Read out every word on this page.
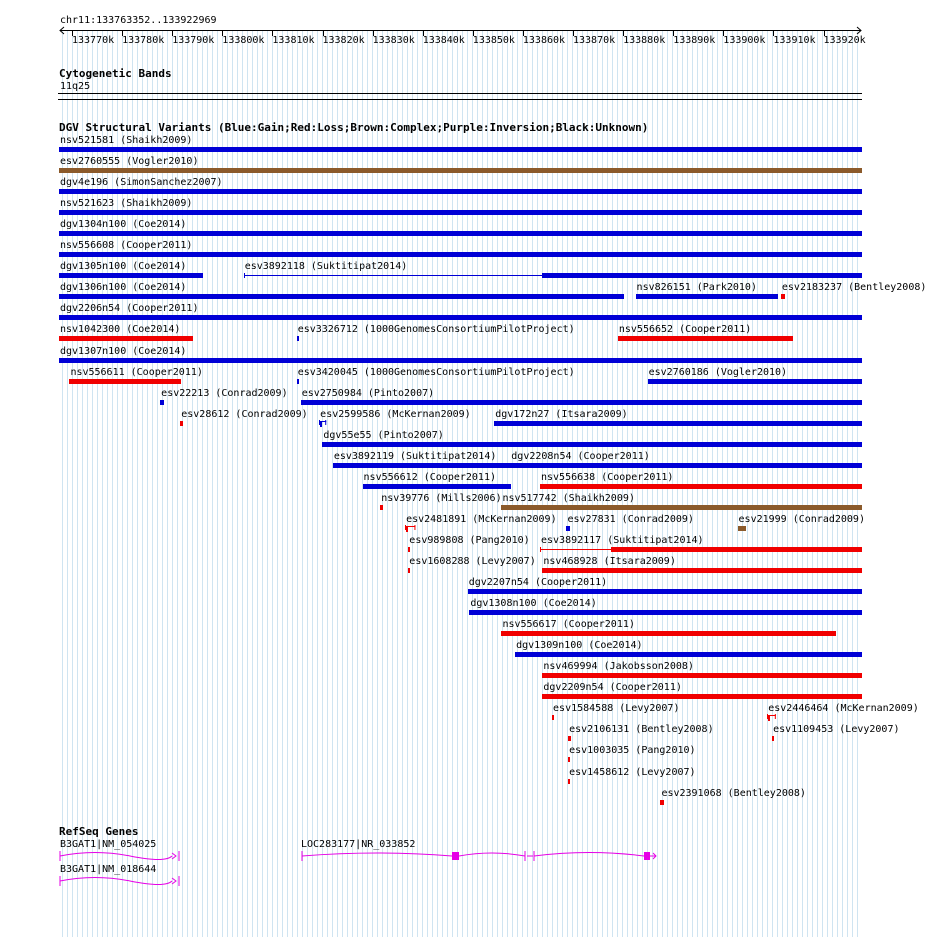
chr11:133763352..133922969
133770k 133780k 133790k 133800k 133810k 133820k 133830k 133840k 133850k 133860k 133870k 133880k 133890k 133900k 133910k 133920k
Cytogenetic Bands
11q25
DGV Structural Variants (Blue:Gain;Red:Loss;Brown:Complex;Purple:Inversion;Black:Unknown)
nsv521581 (Shaikh2009)
esv2760555 (Vogler2010)
dgv4e196 (SimonSanchez2007)
nsv521623 (Shaikh2009)
dgv1304n100 (Coe2014)
nsv556608 (Cooper2011)
dgv1305n100 (Coe2014)	esv3892118 (Suktitipat2014)
dgv1306n100 (Coe2014)	nsv826151 (Park2010) esv2183237 (Bentley2008)
dgv2206n54 (Cooper2011)
nsv1042300 (Coe2014)	esv3326712 (1000GenomesConsortiumPilotProject)	nsv556652 (Cooper2011)
dgv1307n100 (Coe2014)
nsv556611 (Cooper2011)	esv3420045 (1000GenomesConsortiumPilotProject)	esv2760186 (Vogler2010)
esv22213 (Conrad2009) esv2750984 (Pinto2007)
esv28612 (Conrad2009) esv2599586 (McKernan2009) dgv172n27 (Itsara2009)
dgv55e55 (Pinto2007)
esv3892119 (Suktitipat2014) dgv2208n54 (Cooper2011)
nsv556612 (Cooper2011)	nsv556638 (Cooper2011)
nsv39776 (Mills2006) nsv517742 (Shaikh2009)
esv2481891 (McKernan2009) esv27831 (Conrad2009)	esv21999 (Conrad2009)
esv989808 (Pang2010) esv3892117 (Suktitipat2014)
esv1608288 (Levy2007) nsv468928 (Itsara2009)
dgv2207n54 (Cooper2011)
dgv1308n100 (Coe2014)
nsv556617 (Cooper2011)
dgv1309n100 (Coe2014)
nsv469994 (Jakobsson2008)
dgv2209n54 (Cooper2011)
esv1584588 (Levy2007)	esv2446464 (McKernan2009)
esv2106131 (Bentley2008)	esv1109453 (Levy2007)
esv1003035 (Pang2010)
esv1458612 (Levy2007)
esv2391068 (Bentley2008)
RefSeq Genes
B3GAT1|NM_054025
B3GAT1|NM_018644
LOC283177|NR_033852
